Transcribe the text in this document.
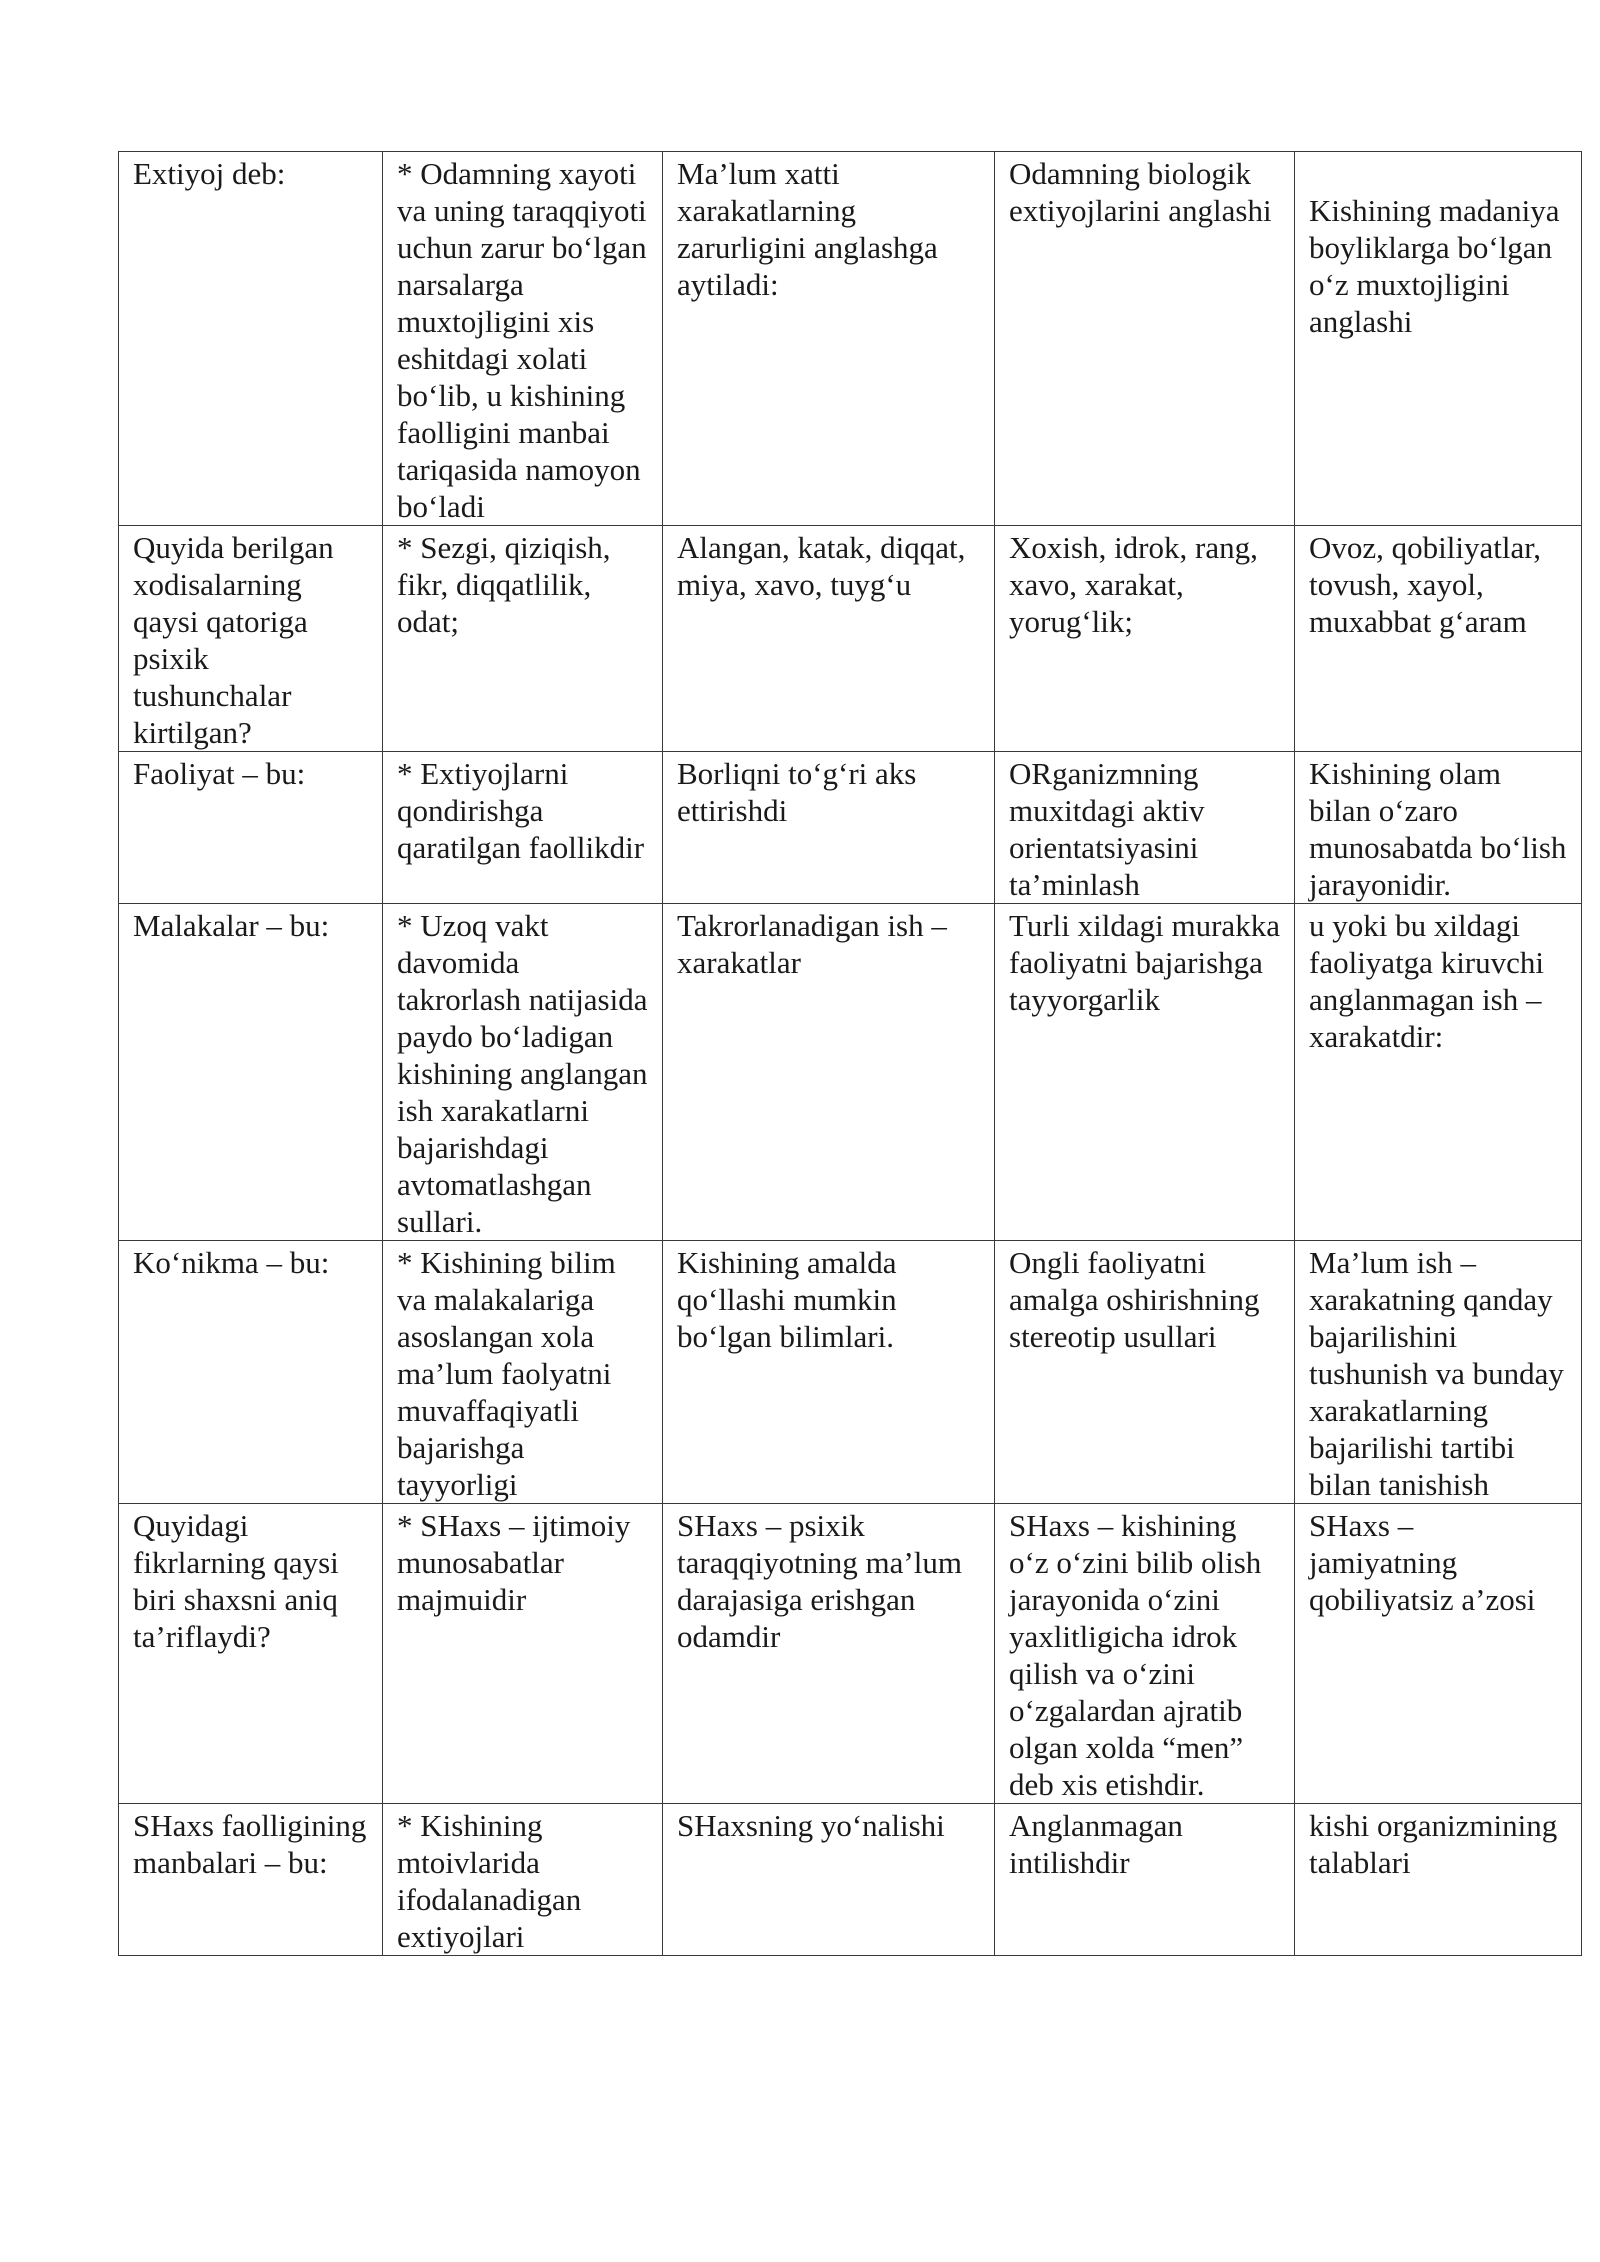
Extiyoj deb:	* Odamning xayoti va uning taraqqiyoti uchun zarur bo‘lgan narsalarga muxtojligini xis eshitdagi xolati bo‘lib, u kishining faolligini manbai tariqasida namoyon bo‘ladi	Ma’lum xatti xarakatlarning zarurligini anglashga aytiladi:	Odamning biologik extiyojlarini anglashi	Kishining madaniya boyliklarga bo‘lgan o‘z muxtojligini anglashi
Quyida berilgan xodisalarning qaysi qatoriga psixik tushunchalar kirtilgan?	* Sezgi, qiziqish, fikr, diqqatlilik, odat;	Alangan, katak, diqqat, miya, xavo, tuyg‘u	Xoxish, idrok, rang, xavo, xarakat, yorug‘lik;	Ovoz, qobiliyatlar, tovush, xayol, muxabbat g‘aram
Faoliyat – bu:	* Extiyojlarni qondirishga qaratilgan faollikdir	Borliqni to‘g‘ri aks ettirishdi	ORganizmning muxitdagi aktiv orientatsiyasini ta’minlash	Kishining olam bilan o‘zaro munosabatda bo‘lish jarayonidir.
Malakalar – bu:	* Uzoq vakt davomida takrorlash natijasida paydo bo‘ladigan kishining anglangan ish xarakatlarni bajarishdagi avtomatlashgan sullari.	Takrorlanadigan ish – xarakatlar	Turli xildagi murakka faoliyatni bajarishga tayyorgarlik	u yoki bu xildagi faoliyatga kiruvchi anglanmagan ish – xarakatdir:
Ko‘nikma – bu:	* Kishining bilim va malakalariga asoslangan xola ma’lum faolyatni muvaffaqiyatli bajarishga tayyorligi	Kishining amalda qo‘llashi mumkin bo‘lgan bilimlari.	Ongli faoliyatni amalga oshirishning stereotip usullari	Ma’lum ish – xarakatning qanday bajarilishini tushunish va bunday xarakatlarning bajarilishi tartibi bilan tanishish
Quyidagi fikrlarning qaysi biri shaxsni aniq ta’riflaydi?	* SHaxs – ijtimoiy munosabatlar majmuidir	SHaxs – psixik taraqqiyotning ma’lum darajasiga erishgan odamdir	SHaxs – kishining o‘z o‘zini bilib olish jarayonida o‘zini yaxlitligicha idrok qilish va o‘zini o‘zgalardan ajratib olgan xolda “men” deb xis etishdir.	SHaxs – jamiyatning qobiliyatsiz a’zosi
SHaxs faolligining manbalari – bu:	* Kishining mtoivlarida ifodalanadigan extiyojlari	SHaxsning yo‘nalishi	Anglanmagan intilishdir	kishi organizmining talablari
